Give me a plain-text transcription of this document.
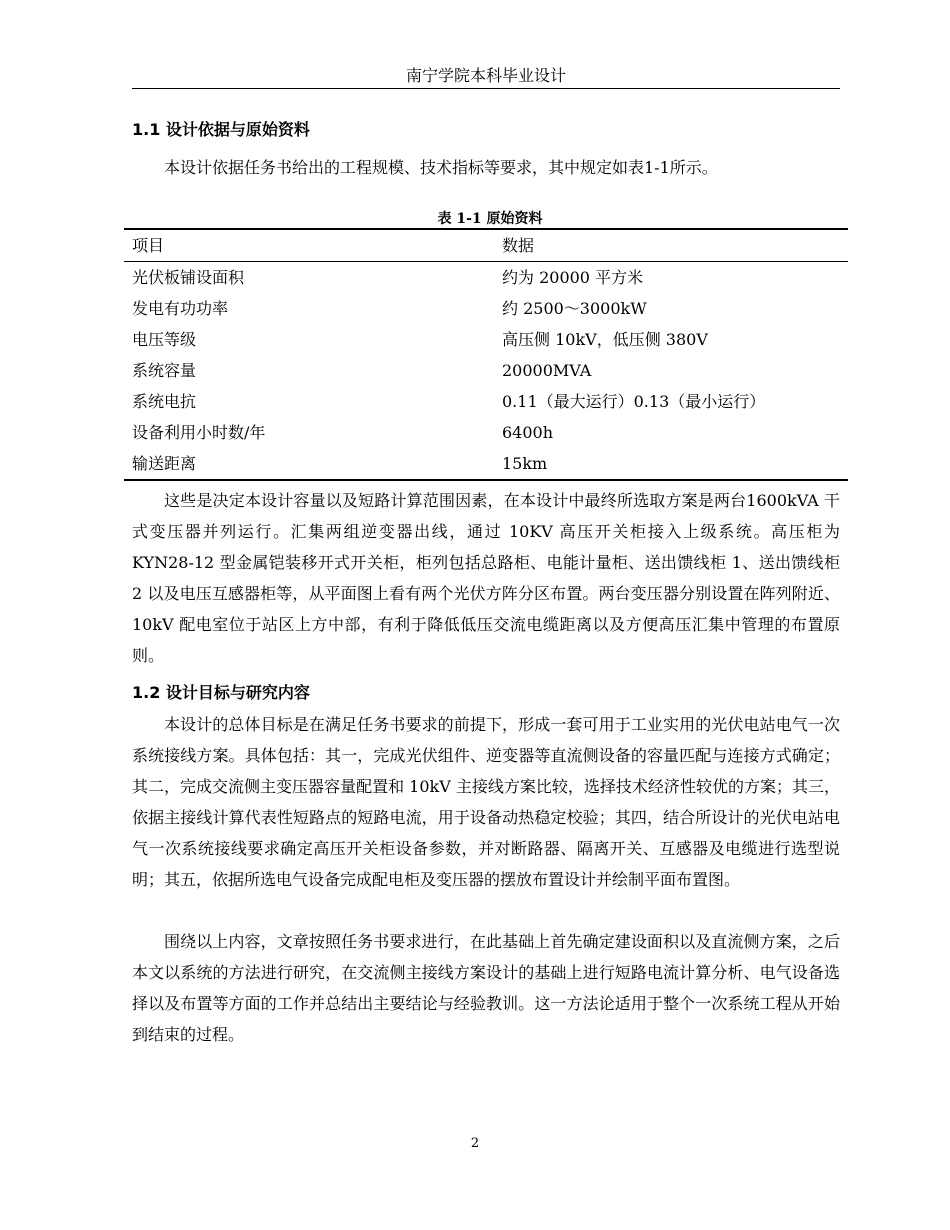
南宁学院本科毕业设计
1.1 设计依据与原始资料

本设计依据任务书给出的工程规模、技术指标等要求，其中规定如表1-1所示。

表 1-1 原始资料
项目	数据
光伏板铺设面积	约为 20000 平方米
发电有功功率	约 2500～3000kW
电压等级	高压侧 10kV，低压侧 380V
系统容量	20000MVA
系统电抗	0.11（最大运行）0.13（最小运行）
设备利用小时数/年	6400h
输送距离	15km

这些是决定本设计容量以及短路计算范围因素，在本设计中最终所选取方案是两台1600kVA 干式变压器并列运行。汇集两组逆变器出线，通过 10KV 高压开关柜接入上级系统。高压柜为 KYN28-12 型金属铠装移开式开关柜，柜列包括总路柜、电能计量柜、送出馈线柜 1、送出馈线柜 2 以及电压互感器柜等，从平面图上看有两个光伏方阵分区布置。两台变压器分别设置在阵列附近、10kV 配电室位于站区上方中部，有利于降低低压交流电缆距离以及方便高压汇集中管理的布置原则。

1.2 设计目标与研究内容

本设计的总体目标是在满足任务书要求的前提下，形成一套可用于工业实用的光伏电站电气一次系统接线方案。具体包括：其一，完成光伏组件、逆变器等直流侧设备的容量匹配与连接方式确定；其二，完成交流侧主变压器容量配置和 10kV 主接线方案比较，选择技术经济性较优的方案；其三，依据主接线计算代表性短路点的短路电流，用于设备动热稳定校验；其四，结合所设计的光伏电站电气一次系统接线要求确定高压开关柜设备参数，并对断路器、隔离开关、互感器及电缆进行选型说明；其五，依据所选电气设备完成配电柜及变压器的摆放布置设计并绘制平面布置图。

围绕以上内容，文章按照任务书要求进行，在此基础上首先确定建设面积以及直流侧方案，之后本文以系统的方法进行研究，在交流侧主接线方案设计的基础上进行短路电流计算分析、电气设备选择以及布置等方面的工作并总结出主要结论与经验教训。这一方法论适用于整个一次系统工程从开始到结束的过程。

2
